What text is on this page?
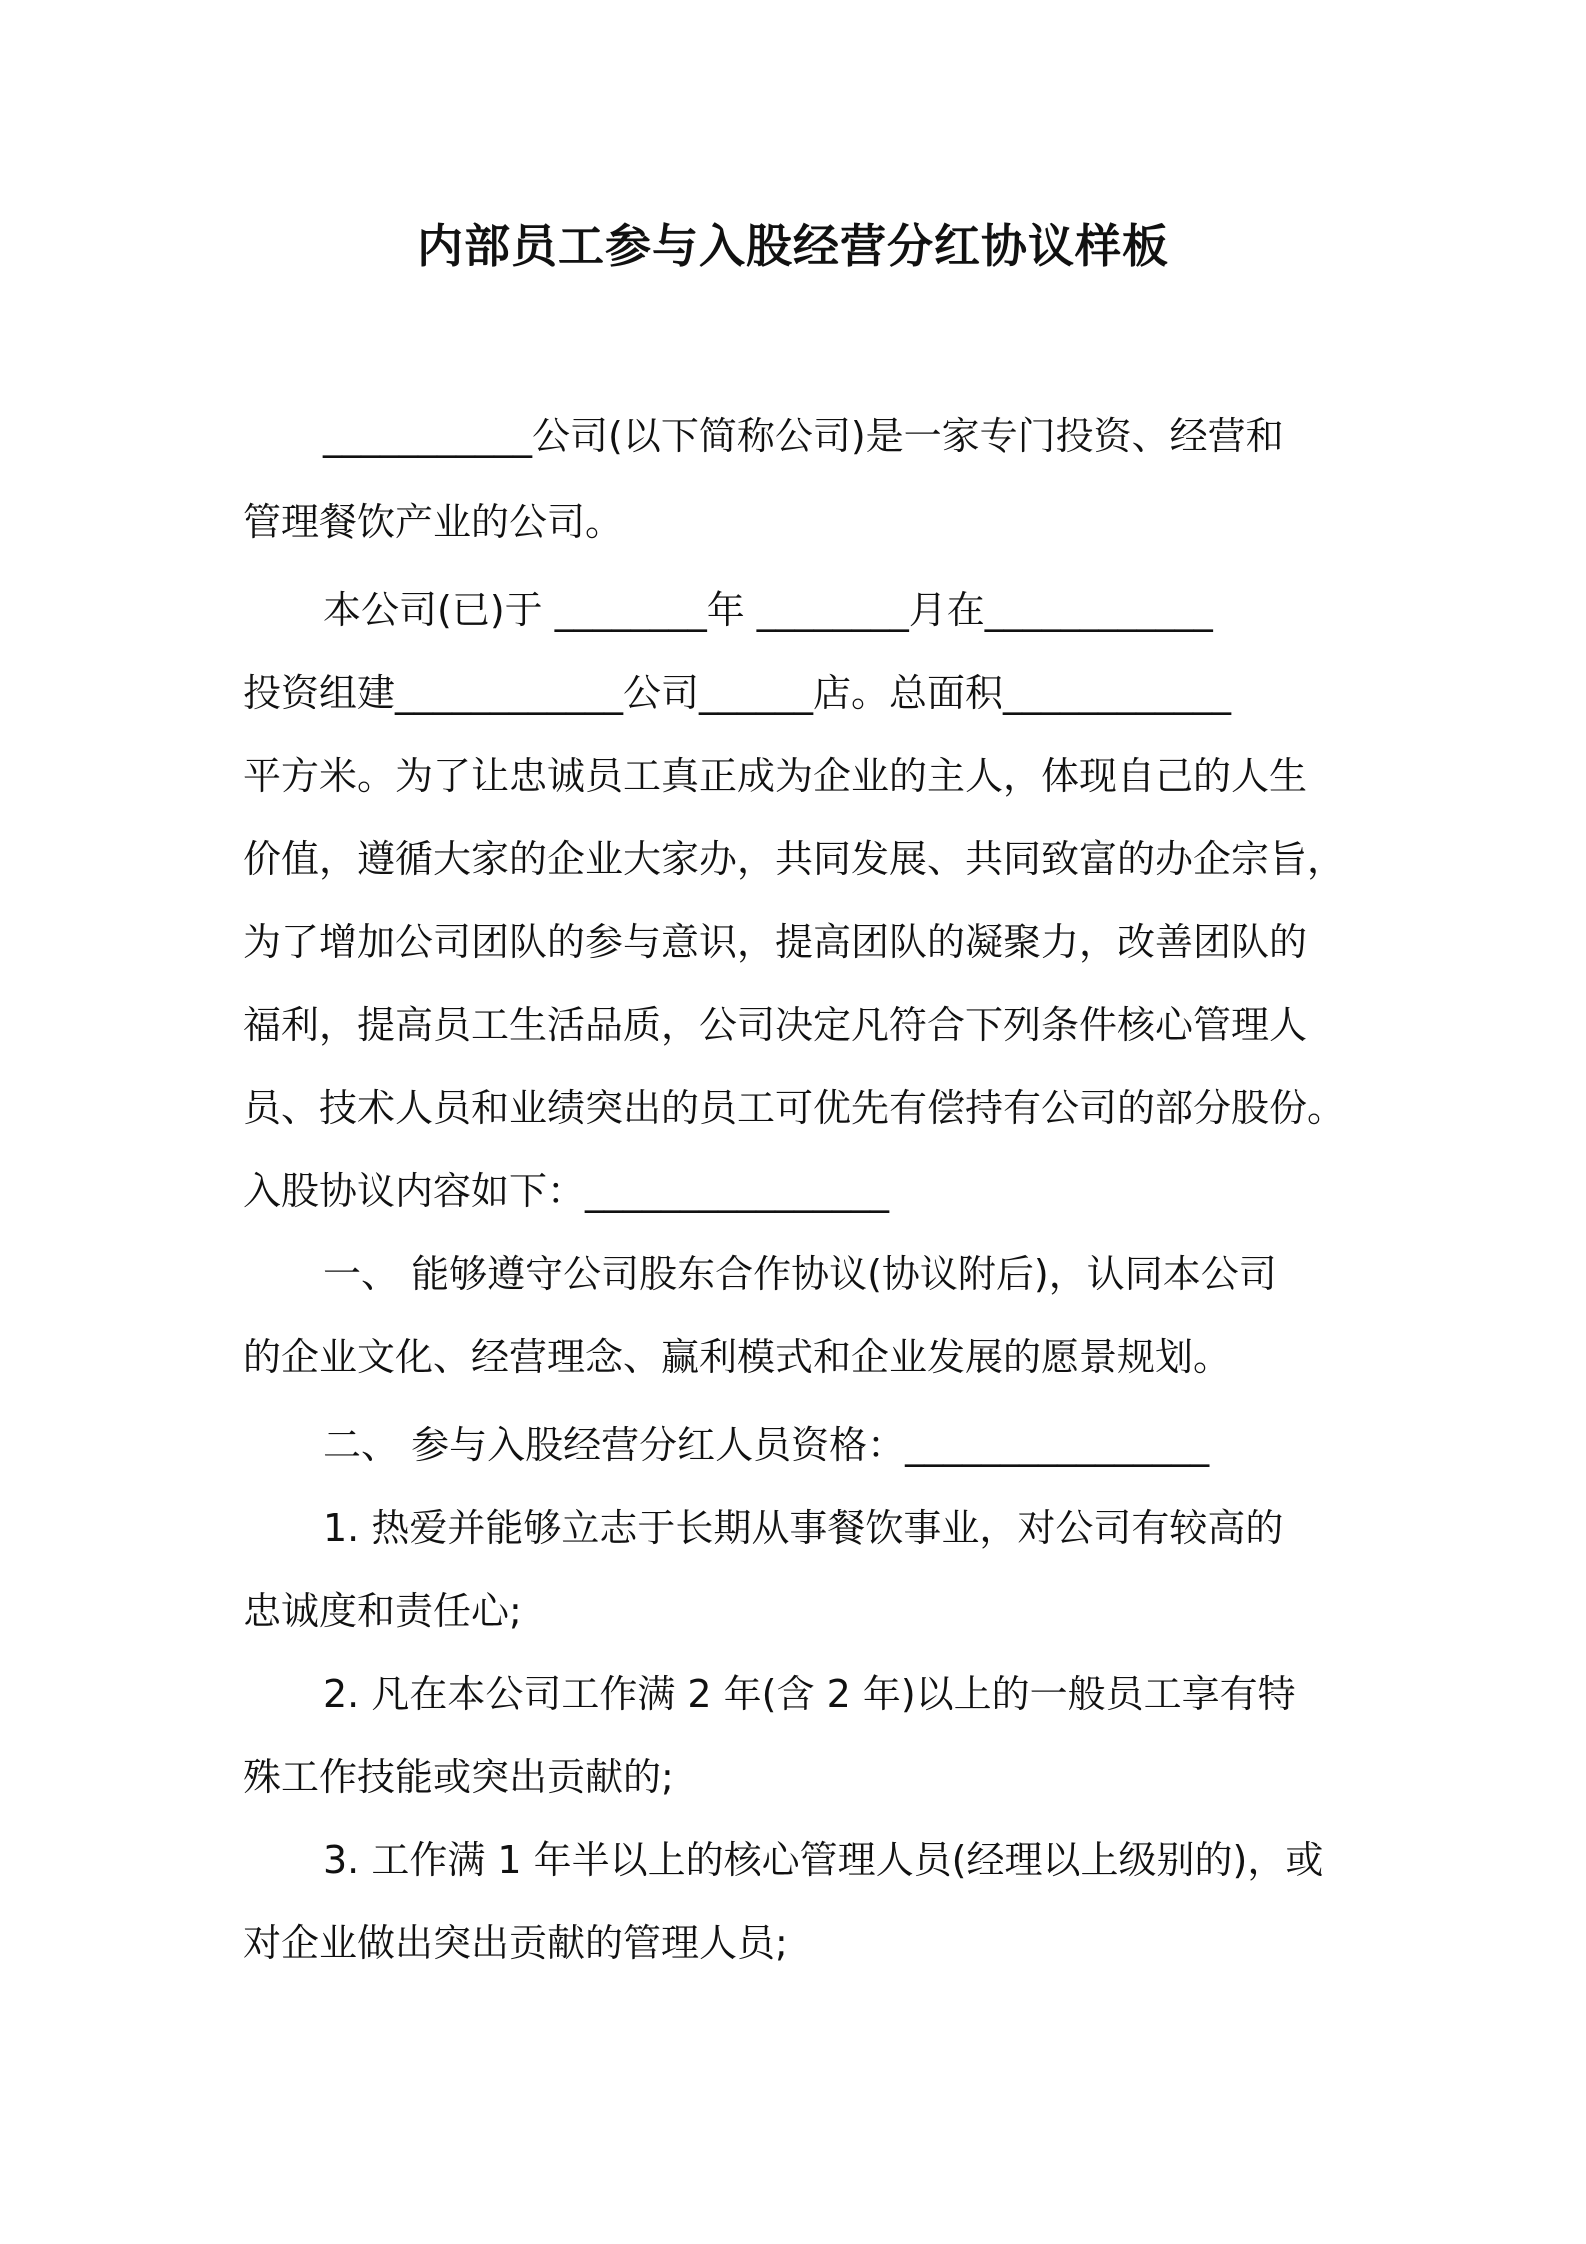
内部员工参与入股经营分红协议样板
___________公司(以下简称公司)是一家专门投资、经营和
管理餐饮产业的公司。
本公司(已)于 ________年 ________月在____________
投资组建____________公司______店。总面积____________
平方米。为了让忠诚员工真正成为企业的主人，体现自己的人生
价值，遵循大家的企业大家办，共同发展、共同致富的办企宗旨，
为了增加公司团队的参与意识，提高团队的凝聚力，改善团队的
福利，提高员工生活品质，公司决定凡符合下列条件核心管理人
员、技术人员和业绩突出的员工可优先有偿持有公司的部分股份。
入股协议内容如下：________________
一、 能够遵守公司股东合作协议(协议附后)，认同本公司
的企业文化、经营理念、赢利模式和企业发展的愿景规划。
二、 参与入股经营分红人员资格：________________
1. 热爱并能够立志于长期从事餐饮事业，对公司有较高的
忠诚度和责任心;
2. 凡在本公司工作满 2 年(含 2 年)以上的一般员工享有特
殊工作技能或突出贡献的;
3. 工作满 1 年半以上的核心管理人员(经理以上级别的)，或
对企业做出突出贡献的管理人员;
